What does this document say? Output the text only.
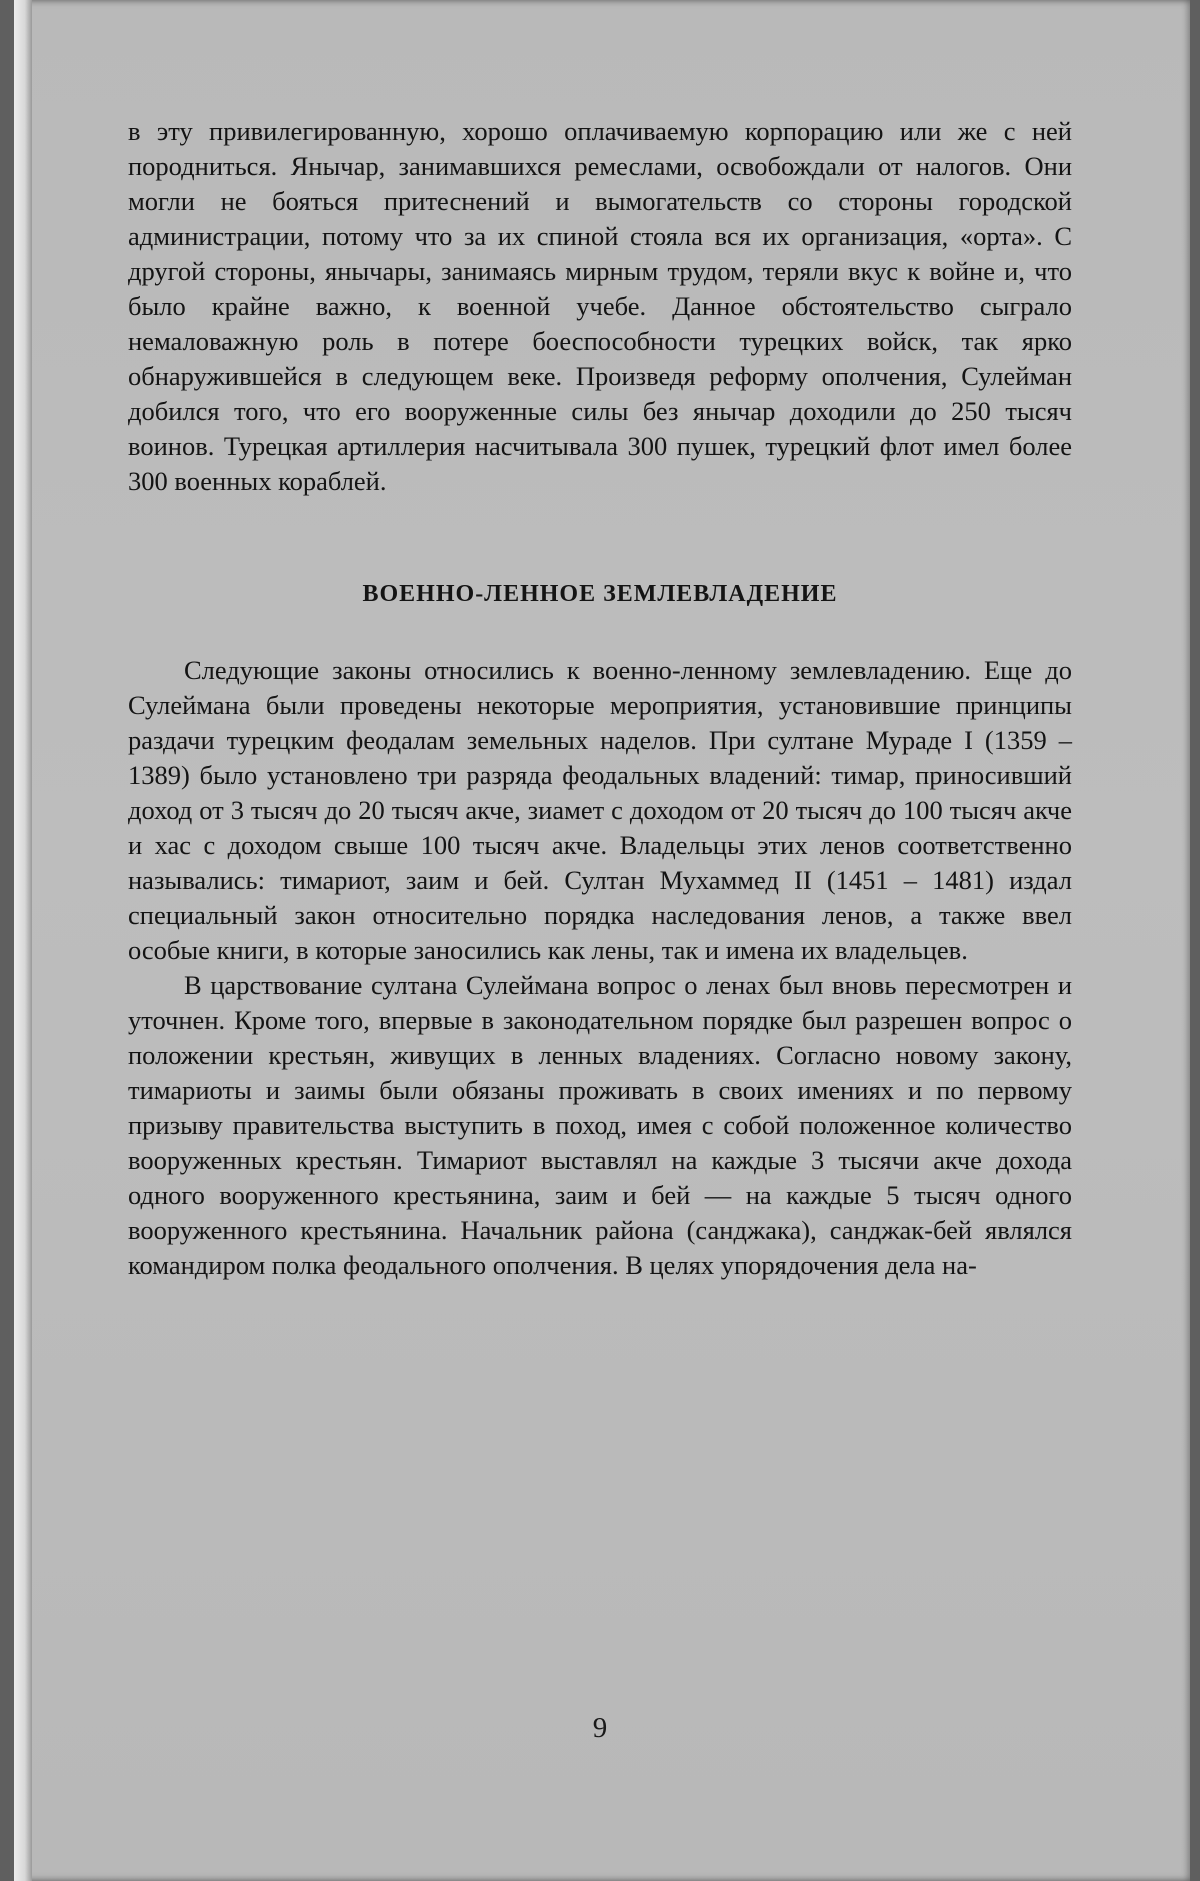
в эту привилегированную, хорошо оплачиваемую корпорацию или же с ней породниться. Янычар, занимавшихся ремеслами, освобождали от налогов. Они могли не бояться притеснений и вымогательств со стороны городской администрации, потому что за их спиной стояла вся их организация, «орта». С другой стороны, янычары, занимаясь мирным трудом, теряли вкус к войне и, что было крайне важно, к военной учебе. Данное обстоятельство сыграло немаловажную роль в потере боеспособности турецких войск, так ярко обнаружившейся в следующем веке. Произведя реформу ополчения, Сулейман добился того, что его вооруженные силы без янычар доходили до 250 тысяч воинов. Турецкая артиллерия насчитывала 300 пушек, турецкий флот имел более 300 военных кораблей.

ВОЕННО-ЛЕННОЕ ЗЕМЛЕВЛАДЕНИЕ

Следующие законы относились к военно-ленному землевладению. Еще до Сулеймана были проведены некоторые мероприятия, установившие принципы раздачи турецким феодалам земельных наделов. При султане Мураде I (1359 – 1389) было установлено три разряда феодальных владений: тимар, приносивший доход от 3 тысяч до 20 тысяч акче, зиамет с доходом от 20 тысяч до 100 тысяч акче и хас с доходом свыше 100 тысяч акче. Владельцы этих ленов соответственно назывались: тимариот, заим и бей. Султан Мухаммед II (1451 – 1481) издал специальный закон относительно порядка наследования ленов, а также ввел особые книги, в которые заносились как лены, так и имена их владельцев.

В царствование султана Сулеймана вопрос о ленах был вновь пересмотрен и уточнен. Кроме того, впервые в законодательном порядке был разрешен вопрос о положении крестьян, живущих в ленных владениях. Согласно новому закону, тимариоты и заимы были обязаны проживать в своих имениях и по первому призыву правительства выступить в поход, имея с собой положенное количество вооруженных крестьян. Тимариот выставлял на каждые 3 тысячи акче дохода одного вооруженного крестьянина, заим и бей — на каждые 5 тысяч одного вооруженного крестьянина. Начальник района (санджака), санджак-бей являлся командиром полка феодального ополчения. В целях упорядочения дела на-

9
